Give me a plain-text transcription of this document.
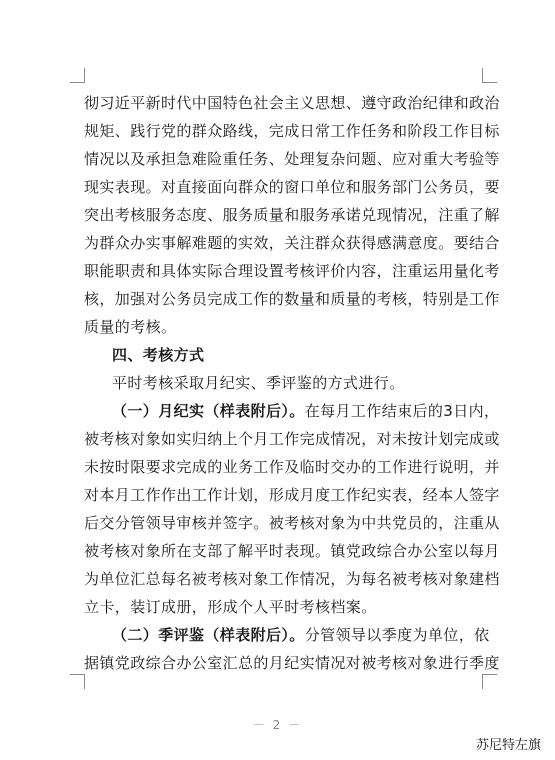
彻习近平新时代中国特色社会主义思想、遵守政治纪律和政治
规矩、践行党的群众路线，完成日常工作任务和阶段工作目标
情况以及承担急难险重任务、处理复杂问题、应对重大考验等
现实表现。对直接面向群众的窗口单位和服务部门公务员，要
突出考核服务态度、服务质量和服务承诺兑现情况，注重了解
为群众办实事解难题的实效，关注群众获得感满意度。要结合
职能职责和具体实际合理设置考核评价内容，注重运用量化考
核，加强对公务员完成工作的数量和质量的考核，特别是工作
质量的考核。
四、考核方式
平时考核采取月纪实、季评鉴的方式进行。
（一）月纪实（样表附后）。在每月工作结束后的3日内，
被考核对象如实归纳上个月工作完成情况，对未按计划完成或
未按时限要求完成的业务工作及临时交办的工作进行说明，并
对本月工作作出工作计划，形成月度工作纪实表，经本人签字
后交分管领导审核并签字。被考核对象为中共党员的，注重从
被考核对象所在支部了解平时表现。镇党政综合办公室以每月
为单位汇总每名被考核对象工作情况，为每名被考核对象建档
立卡，装订成册，形成个人平时考核档案。
（二）季评鉴（样表附后）。分管领导以季度为单位，依
据镇党政综合办公室汇总的月纪实情况对被考核对象进行季度
－ 2 －
苏尼特左旗
